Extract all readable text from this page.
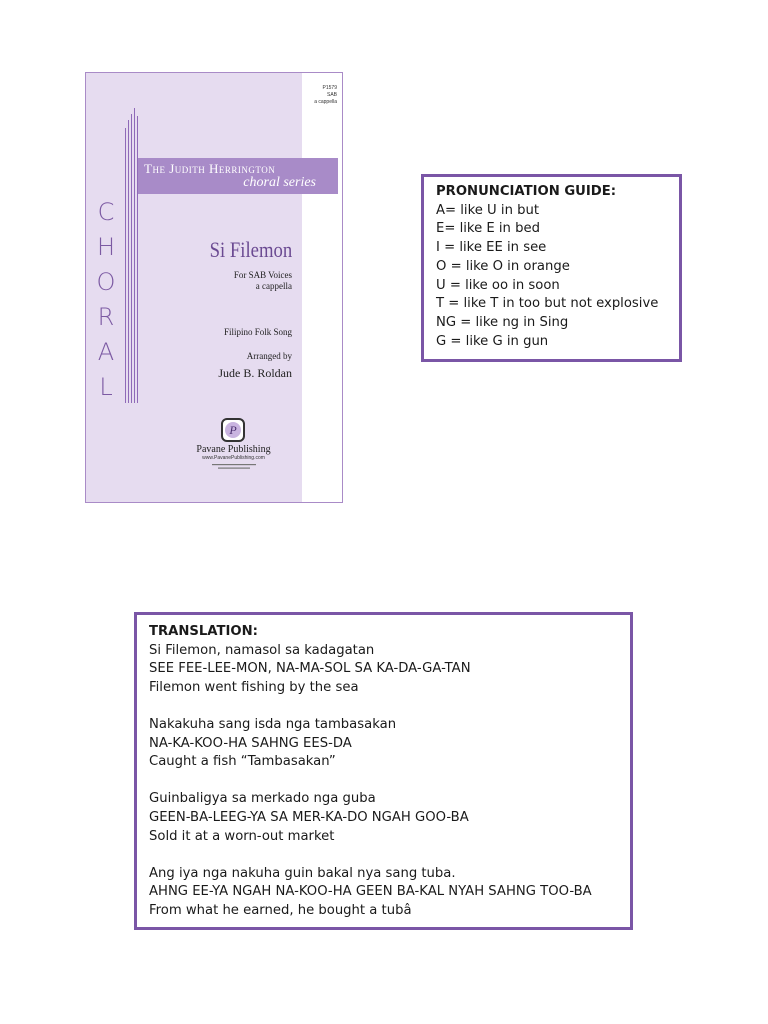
P1579
SAB
a cappella
C
H
O
R
A
L
The Judith Herrington
choral series
Si Filemon
For SAB Voices
a cappella
Filipino Folk Song
Arranged by
Jude B. Roldan
P
Pavane Publishing
www.PavanePublishing.com
PRONUNCIATION GUIDE:
A= like U in but
E= like E in bed
I = like EE in see
O = like O in orange
U = like oo in soon
T = like T in too but not explosive
NG = like ng in Sing
G = like G in gun
TRANSLATION:
Si Filemon, namasol sa kadagatan
SEE FEE-LEE-MON, NA-MA-SOL SA KA-DA-GA-TAN
Filemon went fishing by the sea
Nakakuha sang isda nga tambasakan
NA-KA-KOO-HA SAHNG EES-DA
Caught a fish “Tambasakan”
Guinbaligya sa merkado nga guba
GEEN-BA-LEEG-YA SA MER-KA-DO NGAH GOO-BA
Sold it at a worn-out market
Ang iya nga nakuha guin bakal nya sang tuba.
AHNG EE-YA NGAH NA-KOO-HA GEEN BA-KAL NYAH SAHNG TOO-BA
From what he earned, he bought a tubâ
